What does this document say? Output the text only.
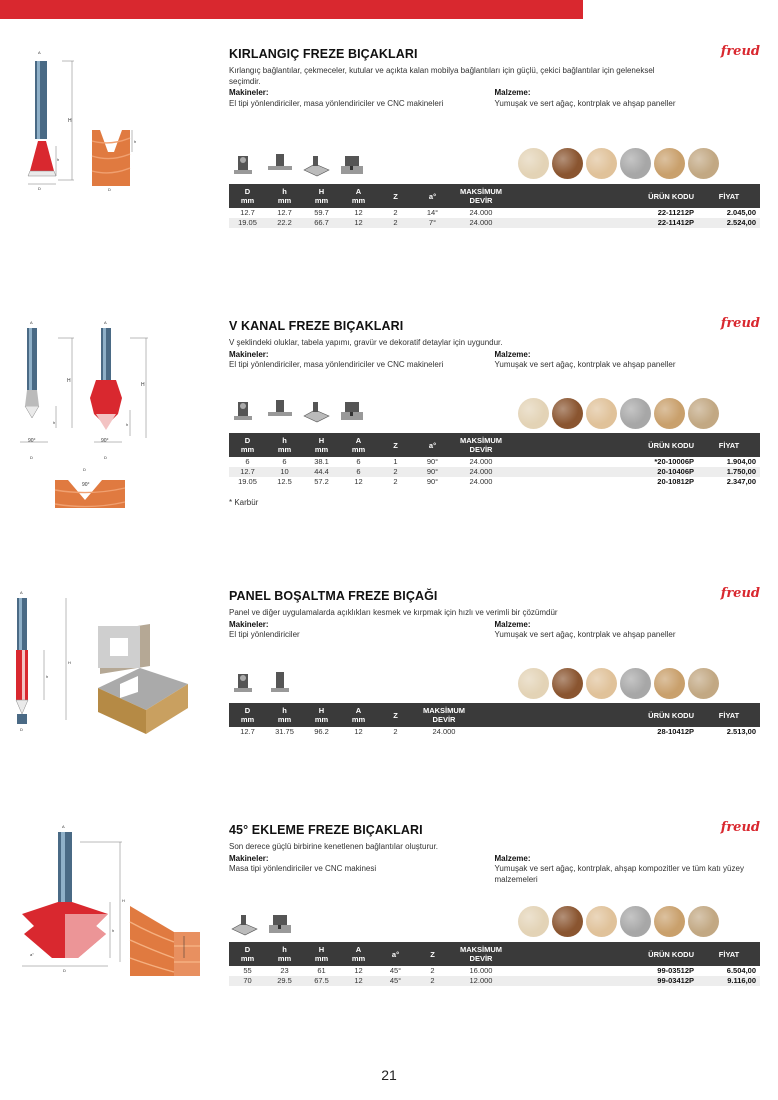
H
h
D
A
h
D
KIRLANGIÇ FREZE BIÇAKLARI	freud
Kırlangıç bağlantılar, çekmeceler, kutular ve açıkta kalan mobilya bağlantıları için güçlü, çekici bağlantılar için geleneksel seçimdir.
Makineler:
El tipi yönlendiriciler, masa yönlendiriciler ve CNC makineleri
Malzeme:
Yumuşak ve sert ağaç, kontrplak ve ahşap paneller
D
mm	h
mm	H
mm	A
mm	Z	a°	MAKSİMUM
DEVİR		ÜRÜN KODU	FİYAT
12.7	12.7	59.7	12	2	14°	24.000		22-11212P	2.045,00
19.05	22.2	66.7	12	2	7°	24.000		22-11412P	2.524,00
H
h
A
D
90°
H
h
A
D
90°
90°
D
V KANAL FREZE BIÇAKLARI	freud
V şeklindeki oluklar, tabela yapımı, gravür ve dekoratif detaylar için uygundur.
Makineler:
El tipi yönlendiriciler, masa yönlendiriciler ve CNC makineleri
Malzeme:
Yumuşak ve sert ağaç, kontrplak ve ahşap paneller
D
mm	h
mm	H
mm	A
mm	Z	a°	MAKSİMUM
DEVİR		ÜRÜN KODU	FİYAT
6	6	38.1	6	1	90°	24.000		*20-10006P	1.904,00
12.7	10	44.4	6	2	90°	24.000		20-10406P	1.750,00
19.05	12.5	57.2	12	2	90°	24.000		20-10812P	2.347,00
* Karbür
H
h
A
D
PANEL BOŞALTMA FREZE BIÇAĞI	freud
Panel ve diğer uygulamalarda açıklıkları kesmek ve kırpmak için hızlı ve verimli bir çözümdür
Makineler:
El tipi yönlendiriciler
Malzeme:
Yumuşak ve sert ağaç, kontrplak ve ahşap paneller
D
mm	h
mm	H
mm	A
mm	Z	MAKSİMUM
DEVİR		ÜRÜN KODU	FİYAT
12.7	31.75	96.2	12	2	24.000		28-10412P	2.513,00
H
h
A
D
a°
45° EKLEME FREZE BIÇAKLARI	freud
Son derece güçlü birbirine kenetlenen bağlantılar oluşturur.
Makineler:
Masa tipi yönlendiriciler ve CNC makinesi
Malzeme:
Yumuşak ve sert ağaç, kontrplak, ahşap kompozitler ve tüm katı yüzey malzemeleri
D
mm	h
mm	H
mm	A
mm	a°	Z	MAKSİMUM
DEVİR		ÜRÜN KODU	FİYAT
55	23	61	12	45°	2	16.000		99-03512P	6.504,00
70	29.5	67.5	12	45°	2	12.000		99-03412P	9.116,00
21
